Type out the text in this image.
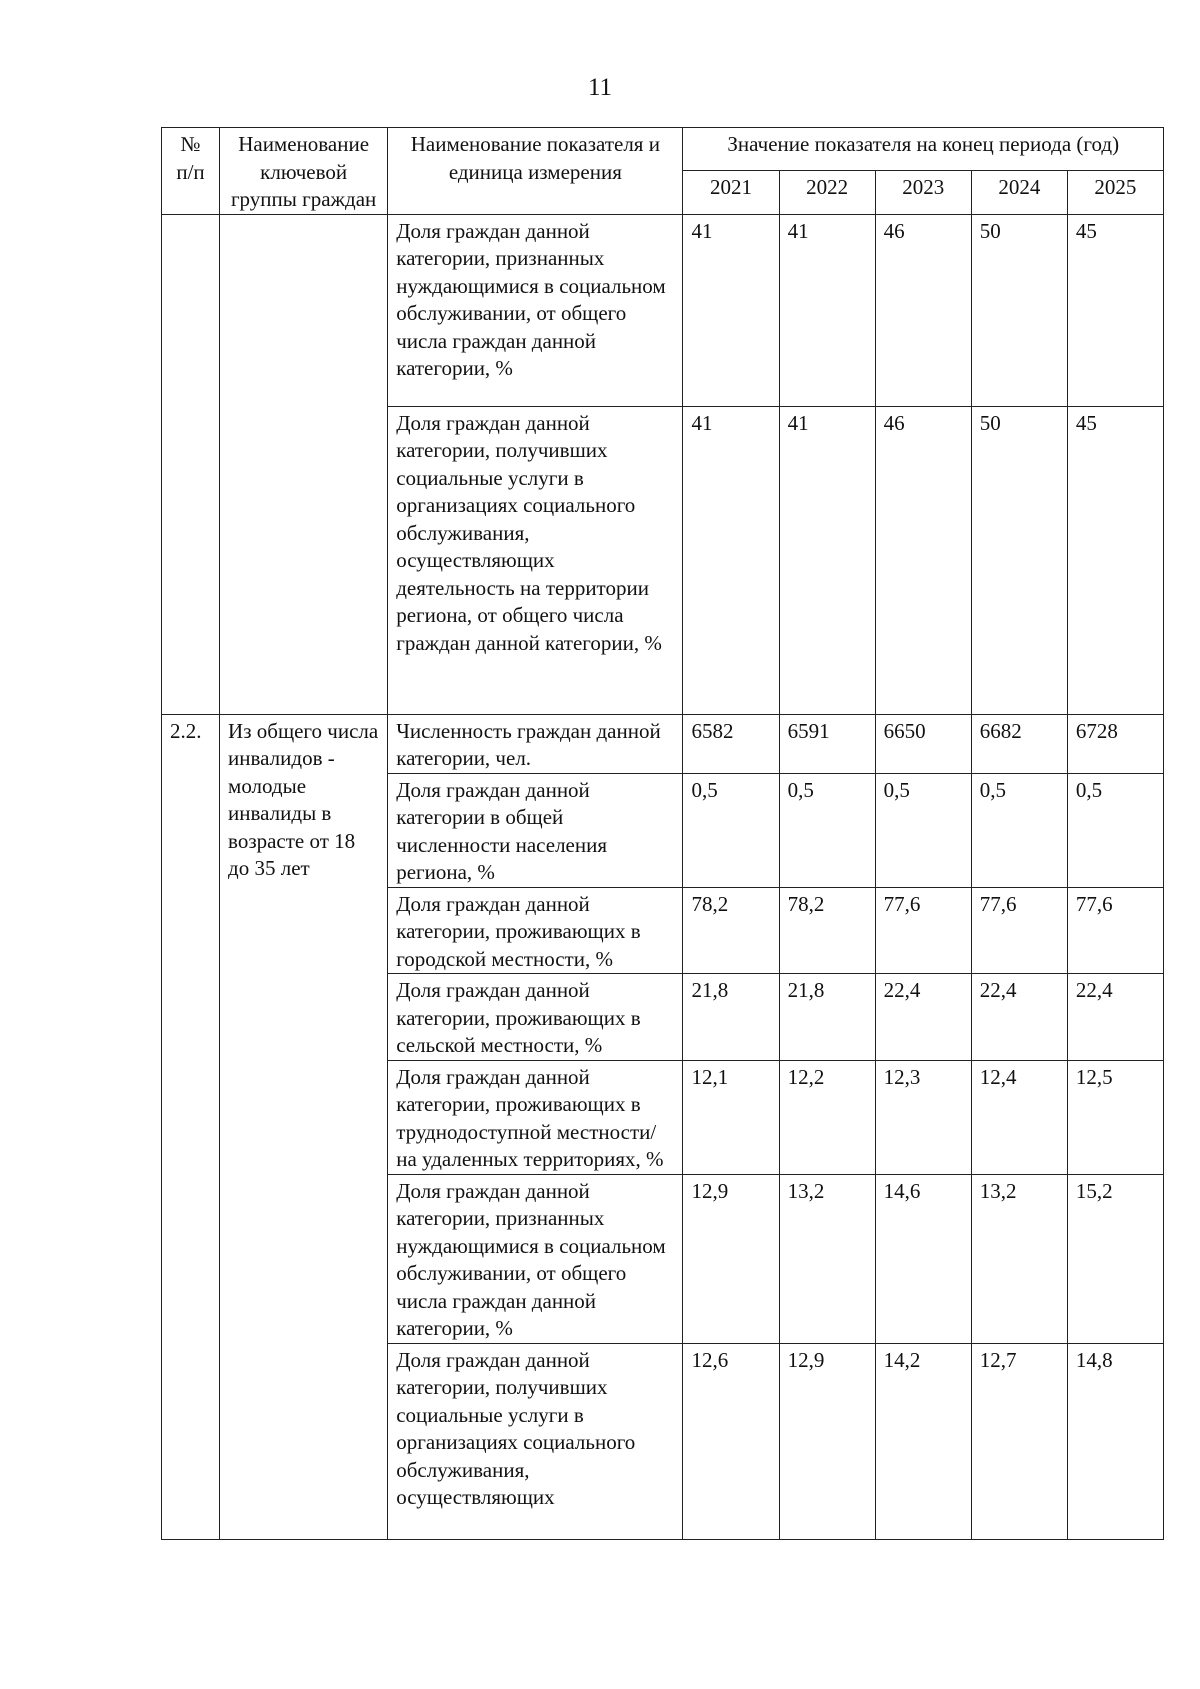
11
№ п/п	Наименование ключевой группы граждан	Наименование показателя и единица измерения	Значение показателя на конец периода (год)				
			2021	2022	2023	2024	2025
		Доля граждан данной категории, признанных нуждающимися в социальном обслуживании, от общего числа граждан данной категории, %	41	41	46	50	45
		Доля граждан данной категории, получивших социальные услуги в организациях социального обслуживания, осуществляющих деятельность на территории региона, от общего числа граждан данной категории, %	41	41	46	50	45
2.2.	Из общего числа инвалидов - молодые инвалиды в возрасте от 18 до 35 лет	Численность граждан данной категории, чел.	6582	6591	6650	6682	6728
		Доля граждан данной категории в общей численности населения региона, %	0,5	0,5	0,5	0,5	0,5
		Доля граждан данной категории, проживающих в городской местности, %	78,2	78,2	77,6	77,6	77,6
		Доля граждан данной категории, проживающих в сельской местности, %	21,8	21,8	22,4	22,4	22,4
		Доля граждан данной категории, проживающих в труднодоступной местности/на удаленных территориях, %	12,1	12,2	12,3	12,4	12,5
		Доля граждан данной категории, признанных нуждающимися в социальном обслуживании, от общего числа граждан данной категории, %	12,9	13,2	14,6	13,2	15,2
		Доля граждан данной категории, получивших социальные услуги в организациях социального обслуживания, осуществляющих	12,6	12,9	14,2	12,7	14,8
